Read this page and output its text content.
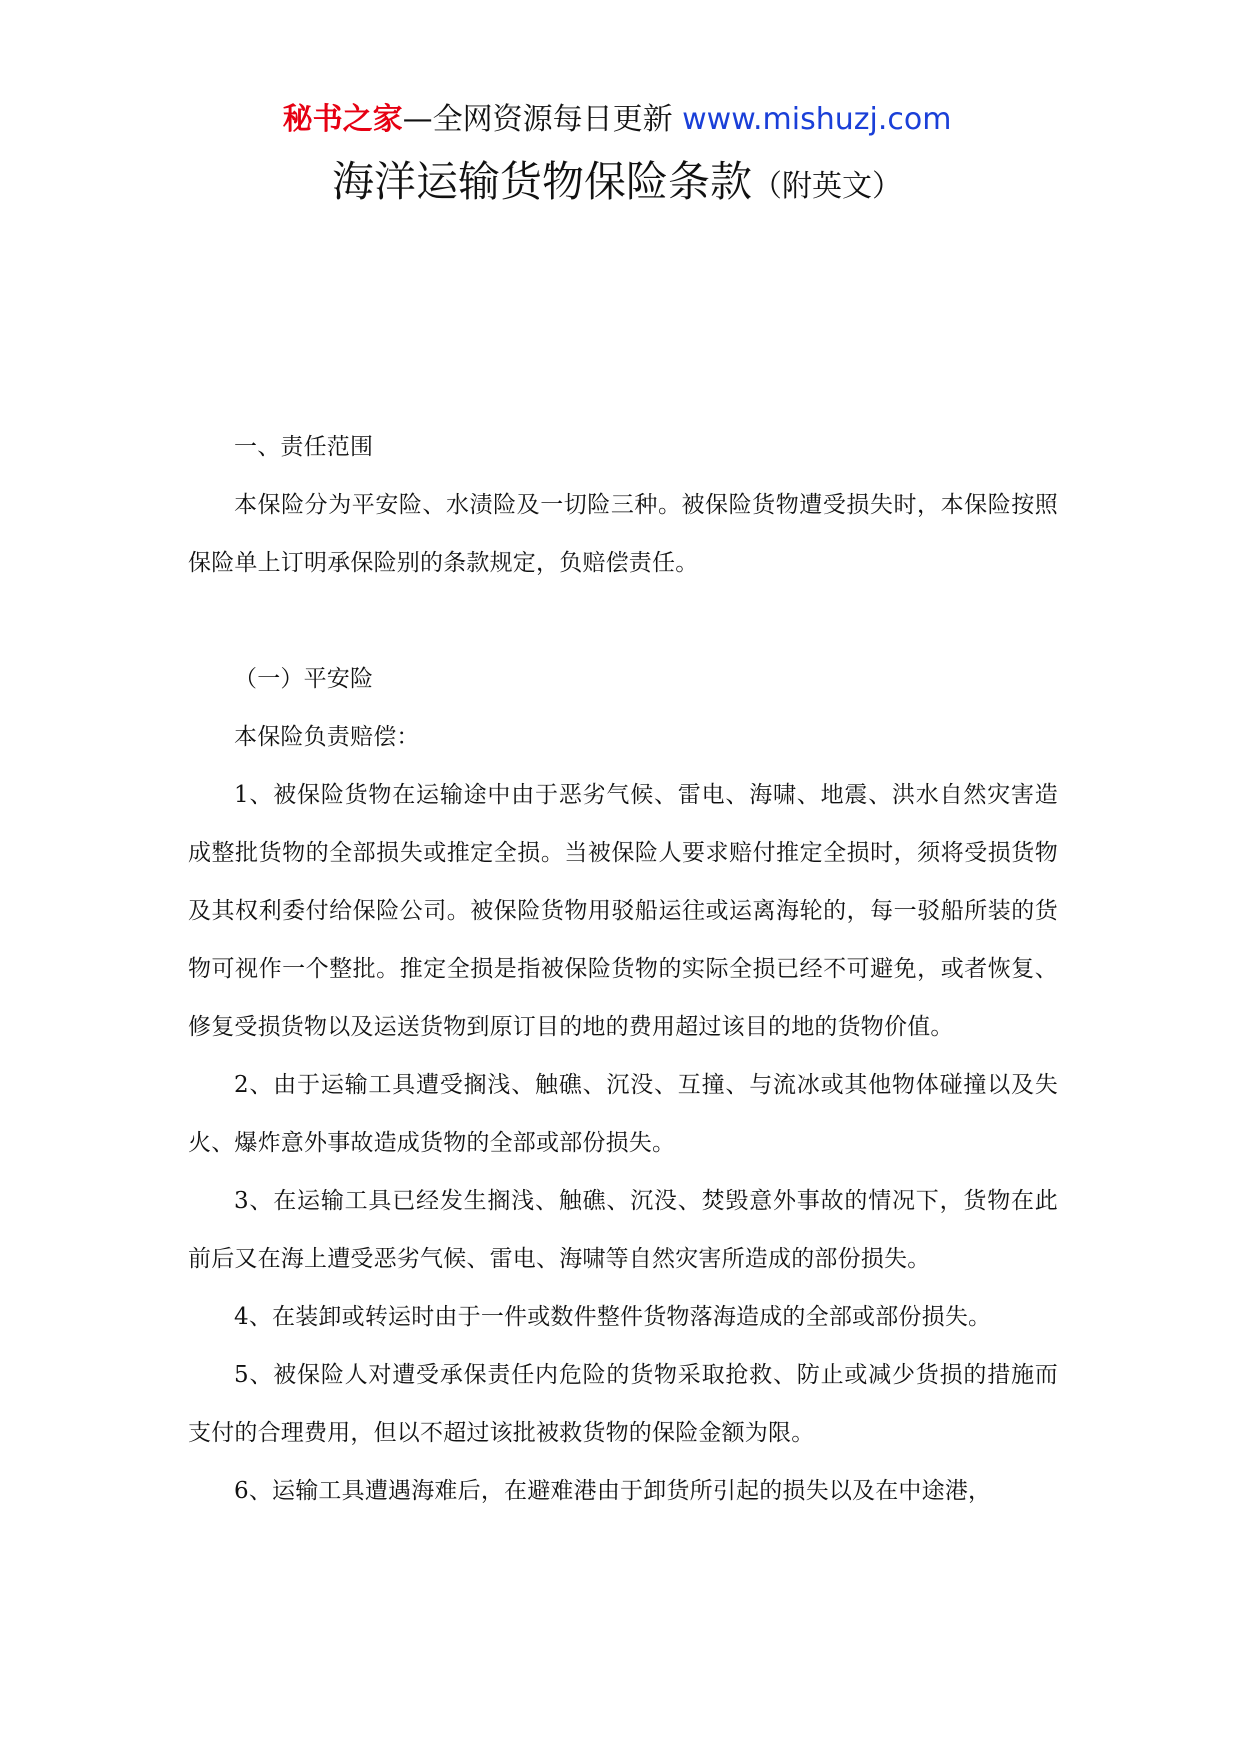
秘书之家—全网资源每日更新 www.mishuzj.com
海洋运输货物保险条款（附英文）

一、责任范围

本保险分为平安险、水渍险及一切险三种。被保险货物遭受损失时，本保险按照保险单上订明承保险别的条款规定，负赔偿责任。

（一）平安险

本保险负责赔偿：

1、被保险货物在运输途中由于恶劣气候、雷电、海啸、地震、洪水自然灾害造成整批货物的全部损失或推定全损。当被保险人要求赔付推定全损时，须将受损货物及其权利委付给保险公司。被保险货物用驳船运往或运离海轮的，每一驳船所装的货物可视作一个整批。推定全损是指被保险货物的实际全损已经不可避免，或者恢复、修复受损货物以及运送货物到原订目的地的费用超过该目的地的货物价值。

2、由于运输工具遭受搁浅、触礁、沉没、互撞、与流冰或其他物体碰撞以及失火、爆炸意外事故造成货物的全部或部份损失。

3、在运输工具已经发生搁浅、触礁、沉没、焚毁意外事故的情况下，货物在此前后又在海上遭受恶劣气候、雷电、海啸等自然灾害所造成的部份损失。

4、在装卸或转运时由于一件或数件整件货物落海造成的全部或部份损失。

5、被保险人对遭受承保责任内危险的货物采取抢救、防止或减少货损的措施而支付的合理费用，但以不超过该批被救货物的保险金额为限。

6、运输工具遭遇海难后，在避难港由于卸货所引起的损失以及在中途港，
